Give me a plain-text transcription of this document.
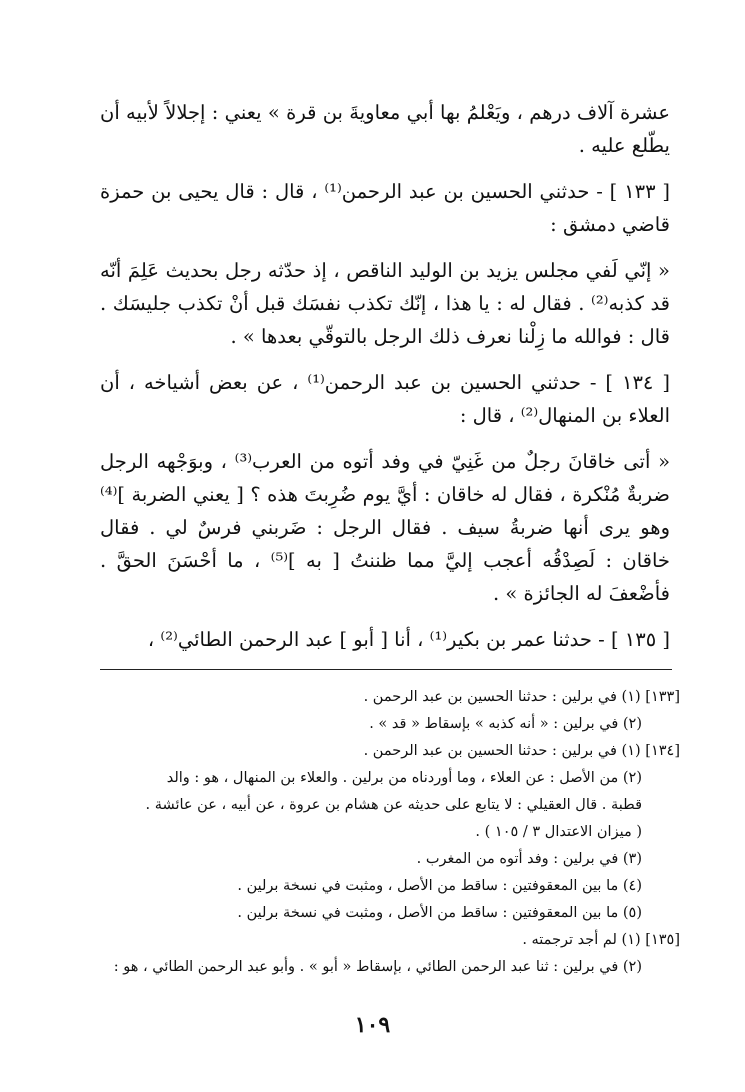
عشرة آلاف درهم ، ويَعْلمُ بها أبي معاويةَ بن قرة » يعني : إجلالاً لأبيه أن يطّلع عليه .

[ ١٣٣ ] - حدثني الحسين بن عبد الرحمن⁽¹⁾ ، قال : قال يحيى بن حمزة قاضي دمشق :

« إنّي لَفي مجلس يزيد بن الوليد الناقص ، إذ حدّثه رجل بحديث عَلِمَ أنّه قد كذبه⁽²⁾ . فقال له : يا هذا ، إنّك تكذب نفسَك قبل أنْ تكذب جليسَك . قال : فوالله ما زِلْنا نعرف ذلك الرجل بالتوقّي بعدها » .

[ ١٣٤ ] - حدثني الحسين بن عبد الرحمن⁽¹⁾ ، عن بعض أشياخه ، أن العلاء بن المنهال⁽²⁾ ، قال :

« أتى خاقانَ رجلٌ من غَنِيّ في وفد أتوه من العرب⁽³⁾ ، وبوَجْهه الرجل ضربةٌ مُنْكرة ، فقال له خاقان : أيَّ يوم ضُرِبتَ هذه ؟ [ يعني الضربة ]⁽⁴⁾ وهو يرى أنها ضربةُ سيف . فقال الرجل : ضَربني فرسٌ لي . فقال خاقان : لَصِدْقُه أعجب إليَّ مما ظننتُ [ به ]⁽⁵⁾ ، ما أحْسَنَ الحقَّ . فأضْعفَ له الجائزة » .

[ ١٣٥ ] - حدثنا عمر بن بكير⁽¹⁾ ، أنا [ أبو ] عبد الرحمن الطائي⁽²⁾ ،

[١٣٣] (١) في برلين : حدثنا الحسين بن عبد الرحمن .
(٢) في برلين : « أنه كذبه » بإسقاط « قد » .
[١٣٤] (١) في برلين : حدثنا الحسين بن عبد الرحمن .
(٢) من الأصل : عن العلاء ، وما أوردناه من برلين . والعلاء بن المنهال ، هو : والد
قطبة . قال العقيلي : لا يتابع على حديثه عن هشام بن عروة ، عن أبيه ، عن عائشة .
( ميزان الاعتدال ٣ / ١٠٥ ) .
(٣) في برلين : وفد أتوه من المغرب .
(٤) ما بين المعقوفتين : ساقط من الأصل ، ومثبت في نسخة برلين .
(٥) ما بين المعقوفتين : ساقط من الأصل ، ومثبت في نسخة برلين .
[١٣٥] (١) لم أجد ترجمته .
(٢) في برلين : ثنا عبد الرحمن الطائي ، بإسقاط « أبو » . وأبو عبد الرحمن الطائي ، هو :
١٠٩
